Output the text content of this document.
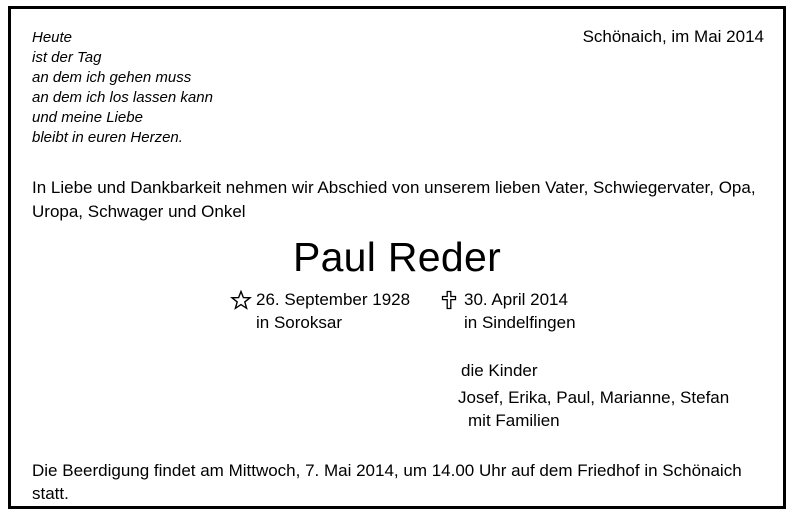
Heute
ist der Tag
an dem ich gehen muss
an dem ich los lassen kann
und meine Liebe
bleibt in euren Herzen.
Schönaich, im Mai 2014
In Liebe und Dankbarkeit nehmen wir Abschied von unserem lieben Vater, Schwiegervater, Opa, Uropa, Schwager und Onkel
Paul Reder
26. September 1928
in Soroksar
30. April 2014
in Sindelfingen
die Kinder
Josef, Erika, Paul, Marianne, Stefan
mit Familien
Die Beerdigung findet am Mittwoch, 7. Mai 2014, um 14.00 Uhr auf dem Friedhof in Schönaich statt.
